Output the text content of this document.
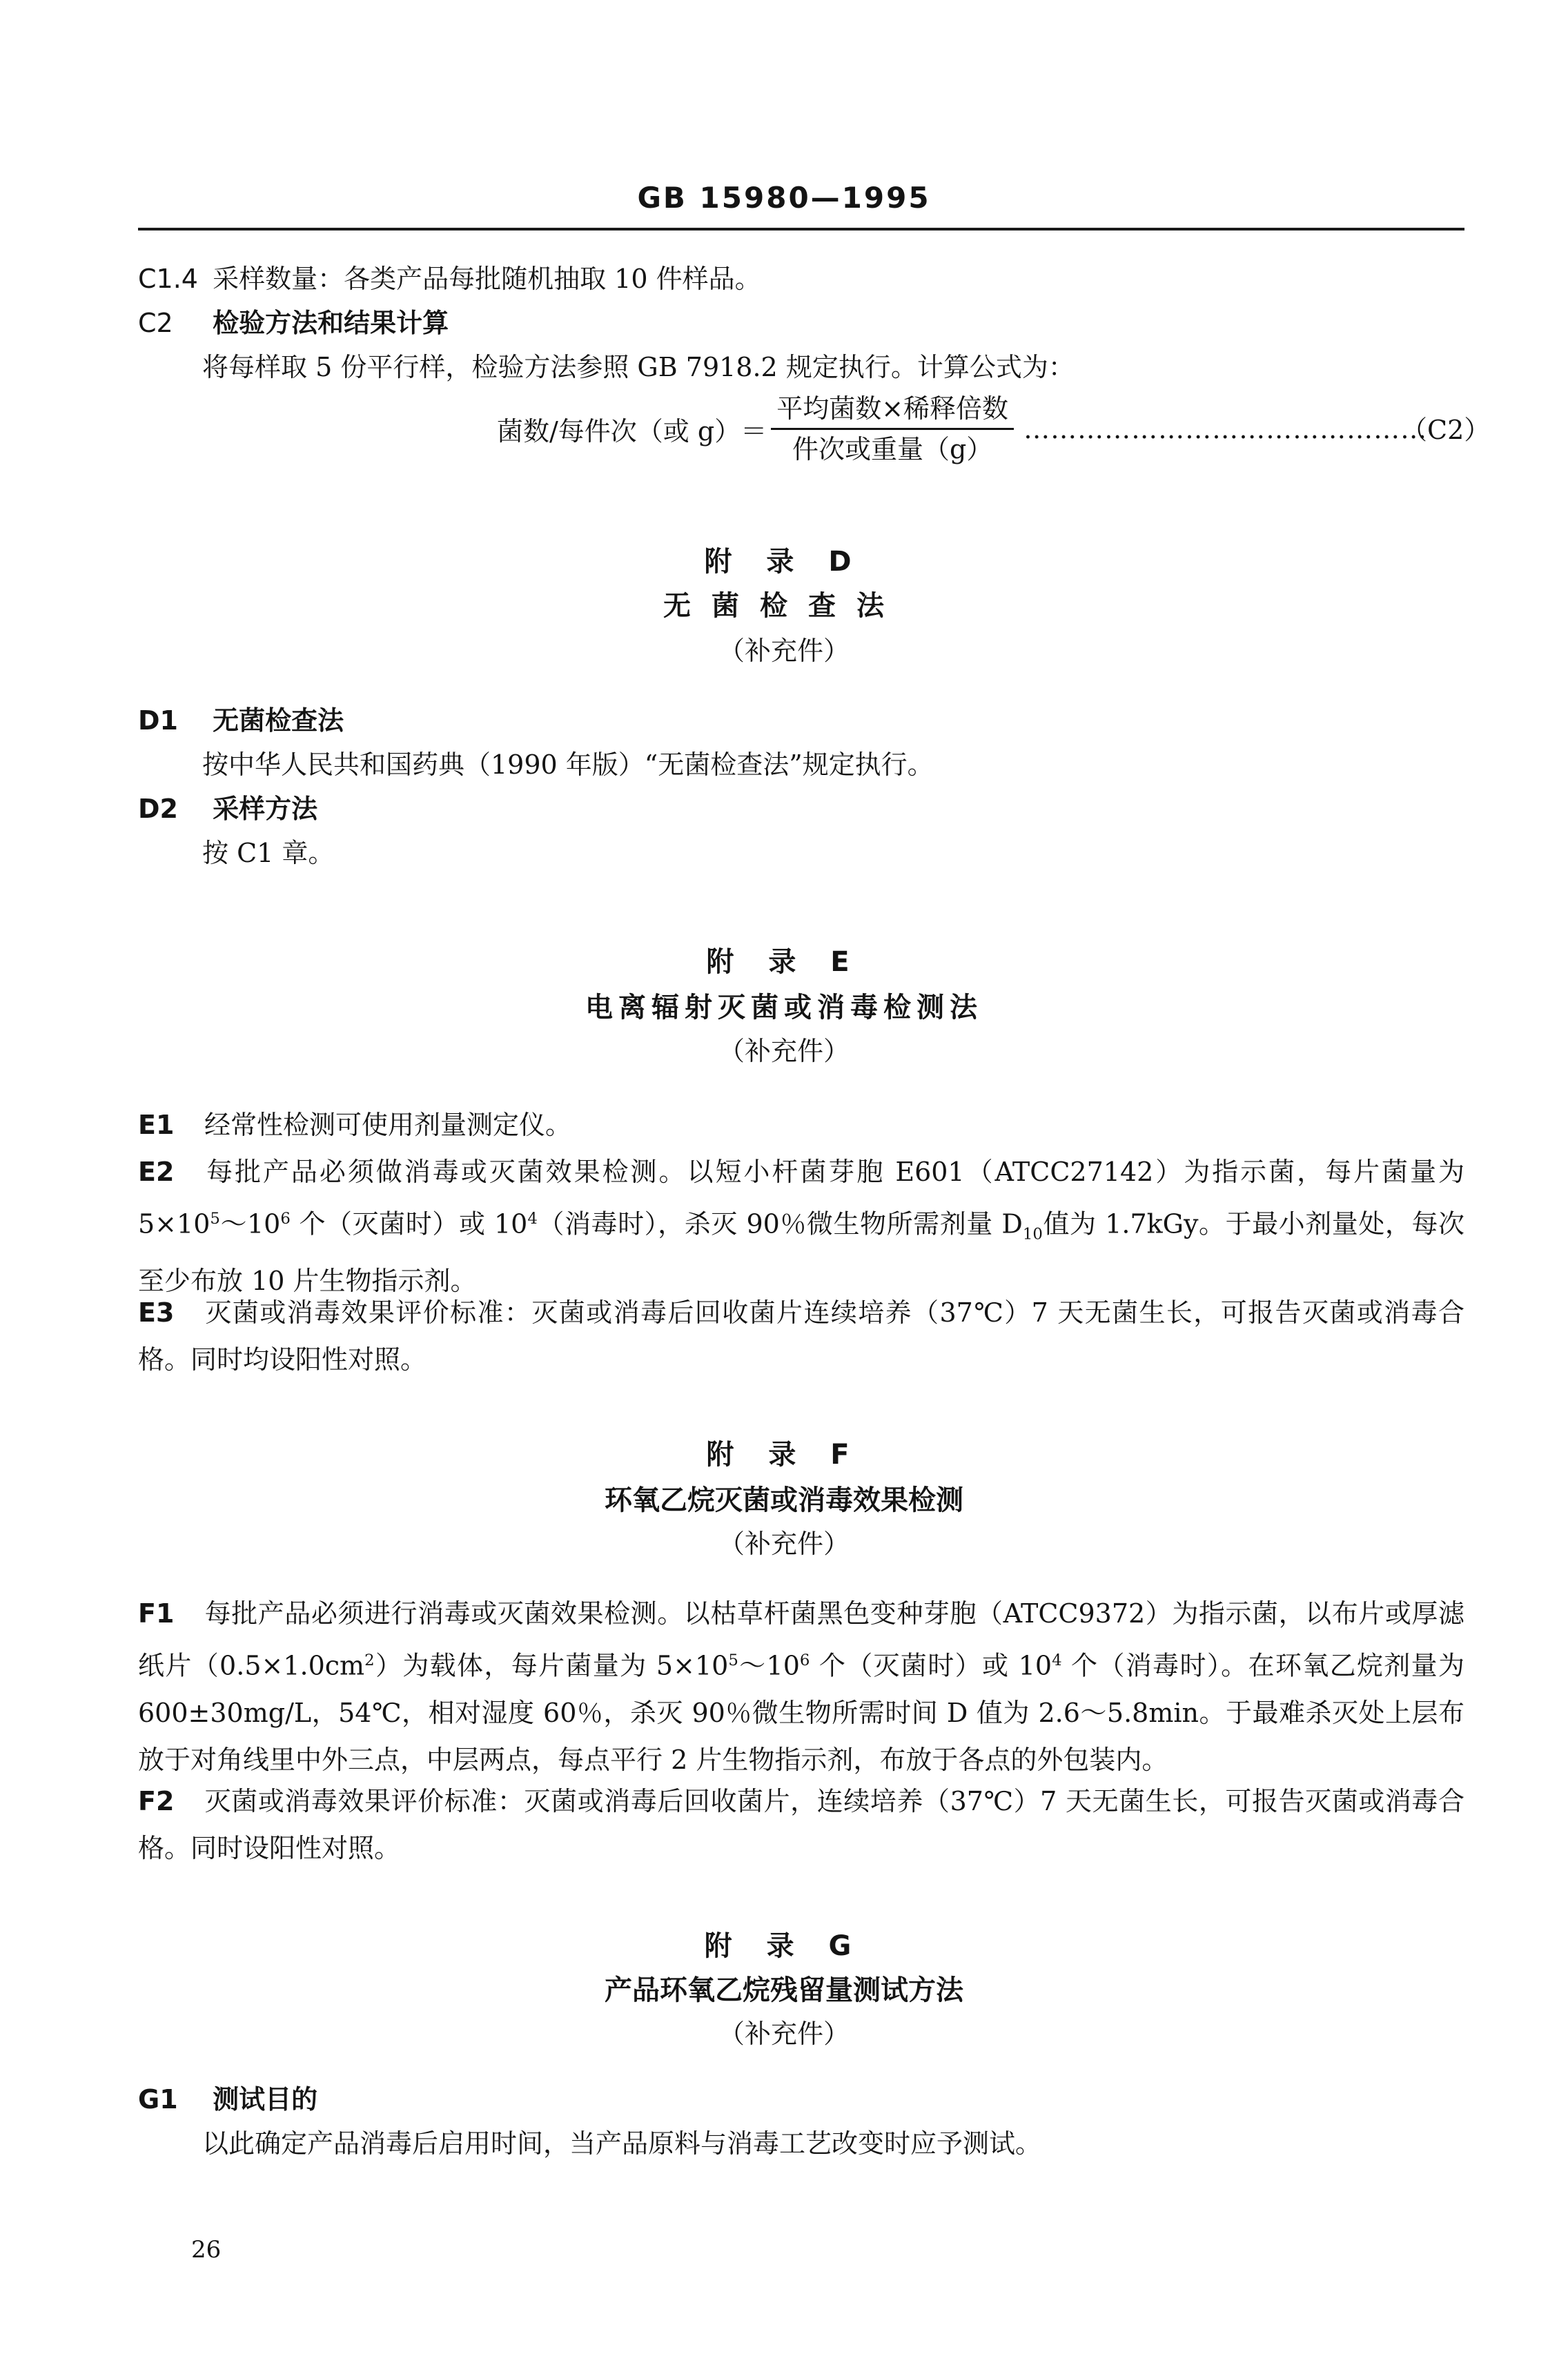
GB 15980—1995
C1.4 采样数量：各类产品每批随机抽取 10 件样品。
C2 检验方法和结果计算
将每样取 5 份平行样，检验方法参照 GB 7918.2 规定执行。计算公式为：
菌数/每件次（或 $g)= \frac{\text{平均菌数×稀释倍数}}{\text{件次或重量（g）}}$ ………………………………………
（C2）
附 录 D
无菌检查法
（补充件）
D1 无菌检查法
按中华人民共和国药典（1990 年版）“无菌检查法”规定执行。
D2 采样方法
按 C1 章。
附 录 E
电离辐射灭菌或消毒检测法
（补充件）
E1 经常性检测可使用剂量测定仪。
E2 每批产品必须做消毒或灭菌效果检测。以短小杆菌芽胞 E601（ATCC27142）为指示菌，每片菌量为 $5\times 10^5\sim 10^6$ 个（灭菌时）或 $10^4$（消毒时），杀灭 90％微生物所需剂量 $D_{10}$值为 1.7kGy。于最小剂量处，每次至少布放 10 片生物指示剂。
E3 灭菌或消毒效果评价标准：灭菌或消毒后回收菌片连续培养（37℃）7 天无菌生长，可报告灭菌或消毒合格。同时均设阳性对照。
附 录 F
环氧乙烷灭菌或消毒效果检测
（补充件）
F1 每批产品必须进行消毒或灭菌效果检测。以枯草杆菌黑色变种芽胞（ATCC9372）为指示菌，以布片或厚滤纸片$(0.5\times 1.0cm^2)$为载体，每片菌量为 $5\times 10^5\sim 10^6$ 个（灭菌时）或 $10^4$ 个（消毒时）。在环氧乙烷剂量为 600±30mg/L，54℃，相对湿度 60％，杀灭 90％微生物所需时间 D 值为 2.6～5.8min。于最难杀灭处上层布放于对角线里中外三点，中层两点，每点平行 2 片生物指示剂，布放于各点的外包装内。
F2 灭菌或消毒效果评价标准：灭菌或消毒后回收菌片，连续培养（37℃）7 天无菌生长，可报告灭菌或消毒合格。同时设阳性对照。
附 录 G
产品环氧乙烷残留量测试方法
（补充件）
G1 测试目的
以此确定产品消毒后启用时间，当产品原料与消毒工艺改变时应予测试。
26
